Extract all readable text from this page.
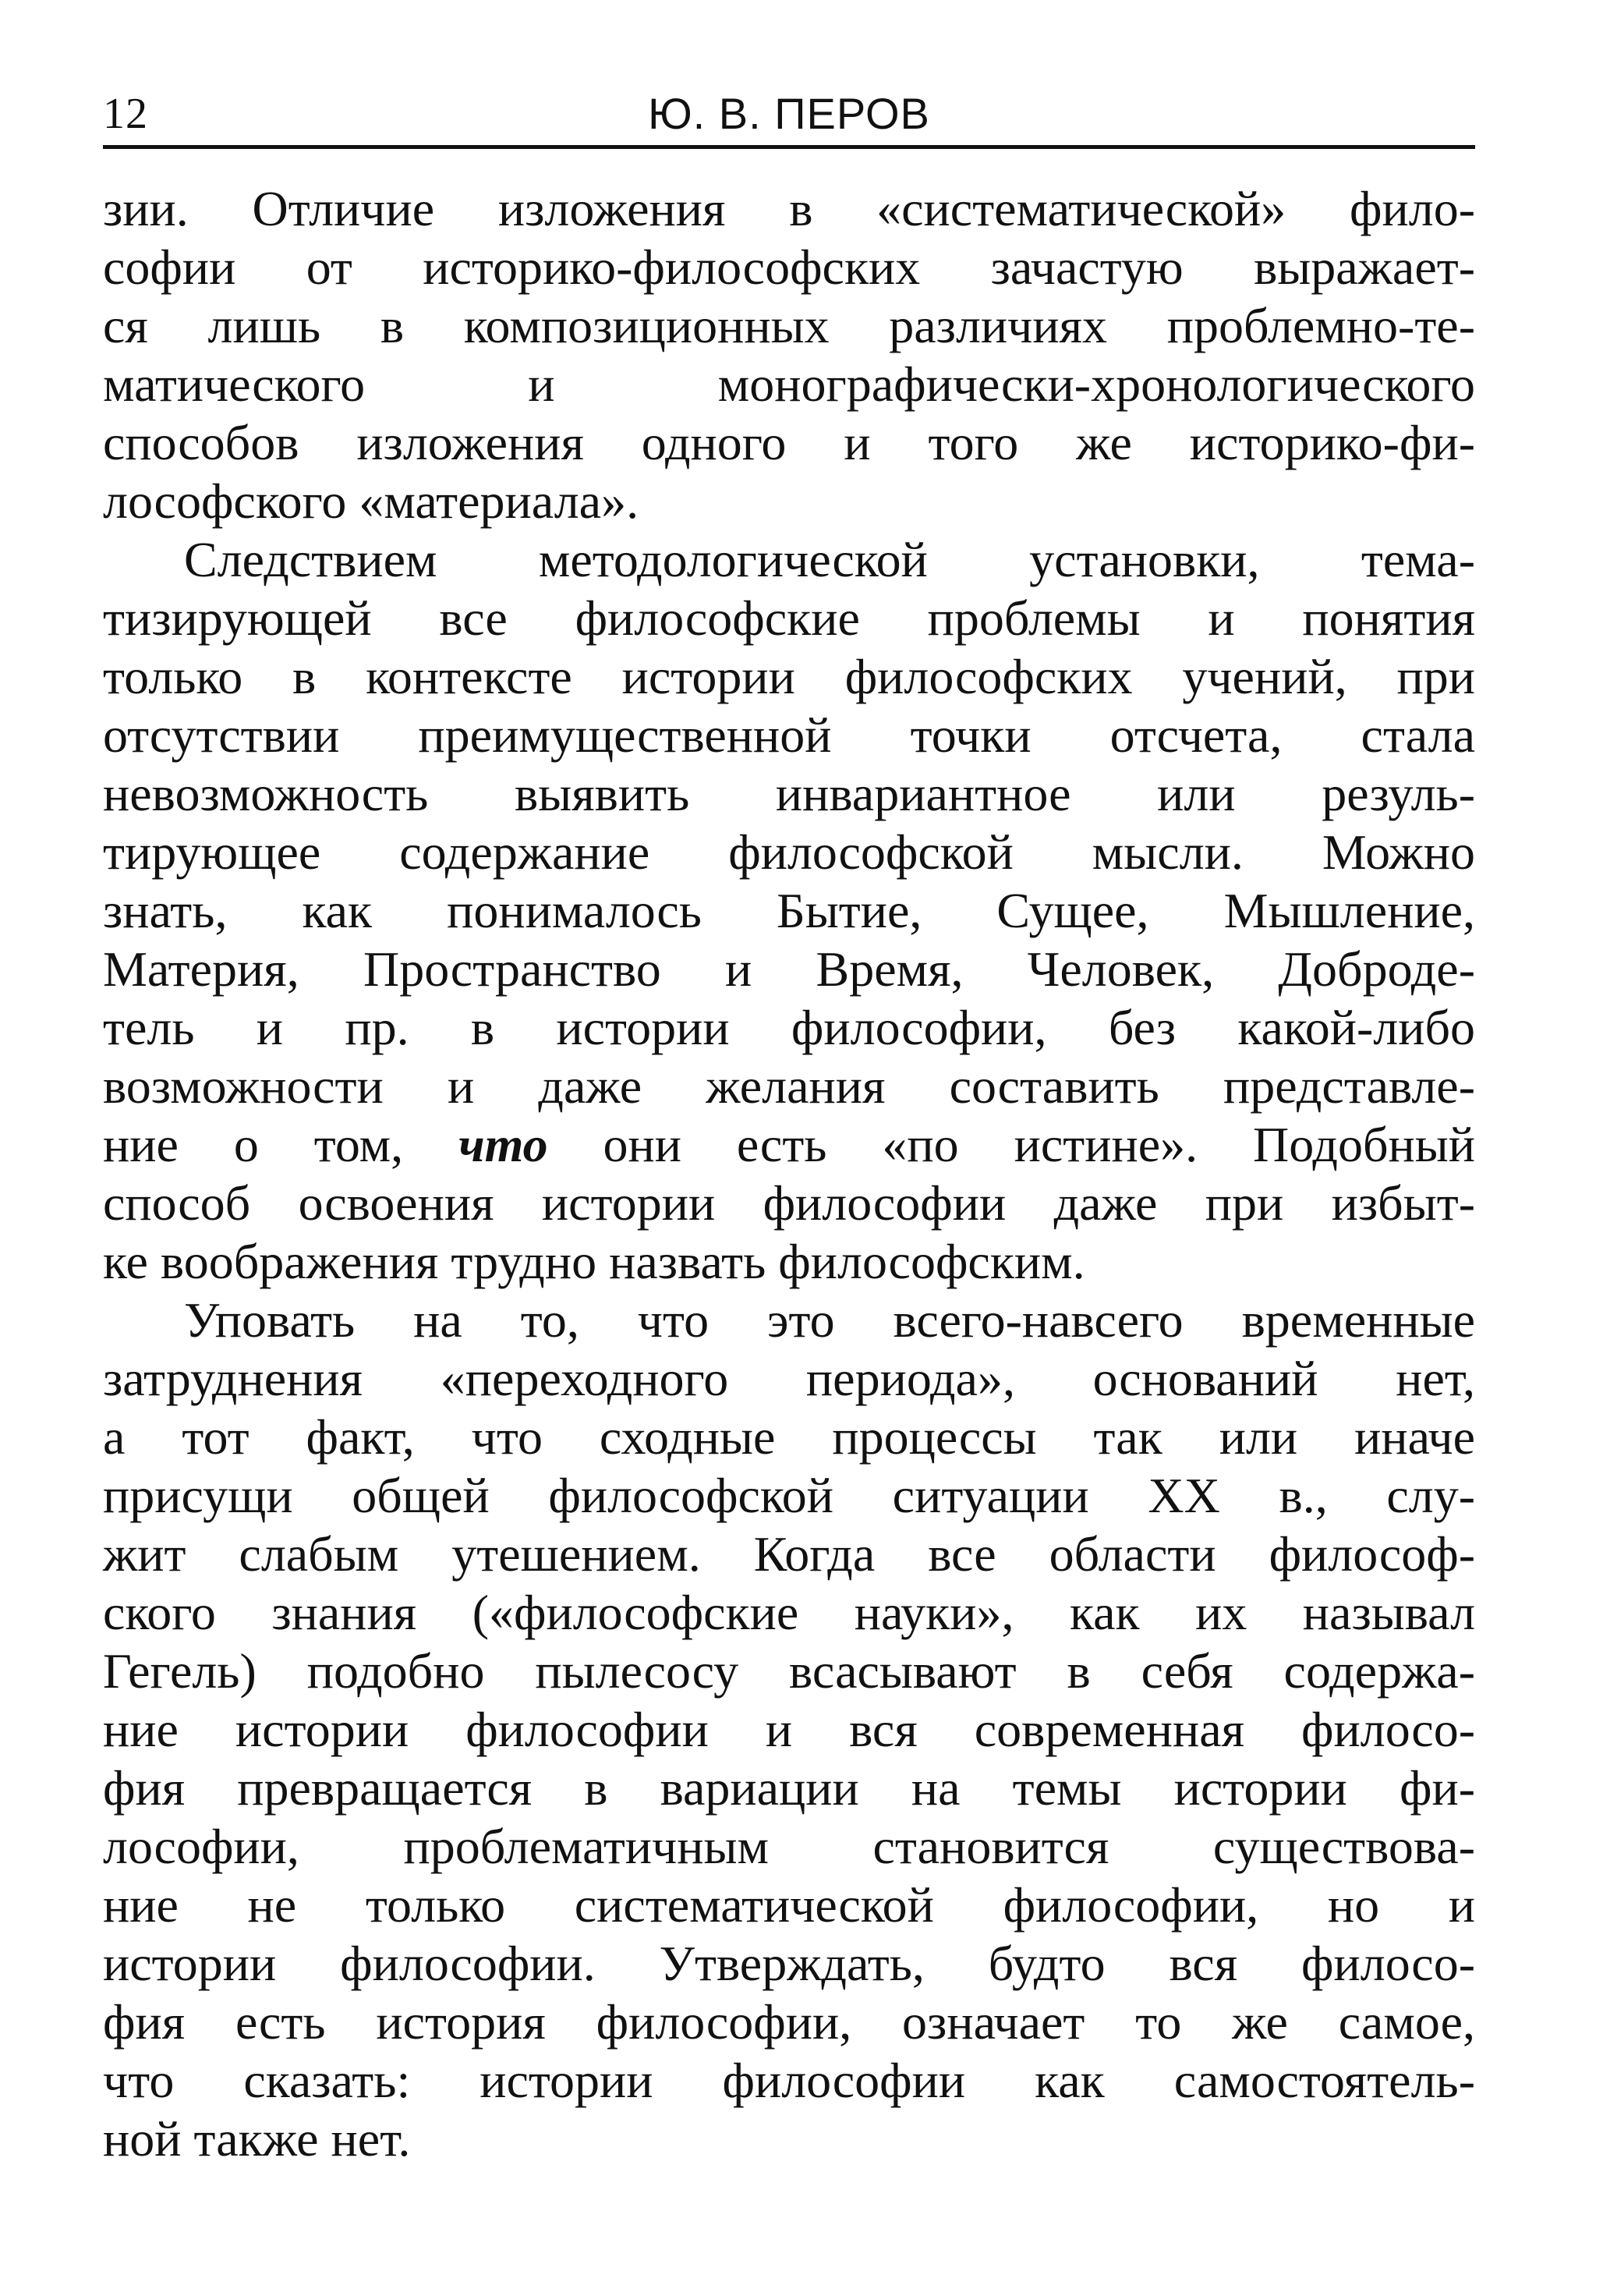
12	Ю. В. ПЕРОВ
зии. Отличие изложения в «систематической» фило-
софии от историко-философских зачастую выражает-
ся лишь в композиционных различиях проблемно-те-
матического и монографически-хронологического
способов изложения одного и того же историко-фи-
лософского «материала».
Следствием методологической установки, тема-
тизирующей все философские проблемы и понятия
только в контексте истории философских учений, при
отсутствии преимущественной точки отсчета, стала
невозможность выявить инвариантное или резуль-
тирующее содержание философской мысли. Можно
знать, как понималось Бытие, Сущее, Мышление,
Материя, Пространство и Время, Человек, Доброде-
тель и пр. в истории философии, без какой-либо
возможности и даже желания составить представле-
ние о том, что они есть «по истине». Подобный
способ освоения истории философии даже при избыт-
ке воображения трудно назвать философским.
Уповать на то, что это всего-навсего временные
затруднения «переходного периода», оснований нет,
а тот факт, что сходные процессы так или иначе
присущи общей философской ситуации XX в., слу-
жит слабым утешением. Когда все области философ-
ского знания («философские науки», как их называл
Гегель) подобно пылесосу всасывают в себя содержа-
ние истории философии и вся современная филосо-
фия превращается в вариации на темы истории фи-
лософии, проблематичным становится существова-
ние не только систематической философии, но и
истории философии. Утверждать, будто вся филосо-
фия есть история философии, означает то же самое,
что сказать: истории философии как самостоятель-
ной также нет.
